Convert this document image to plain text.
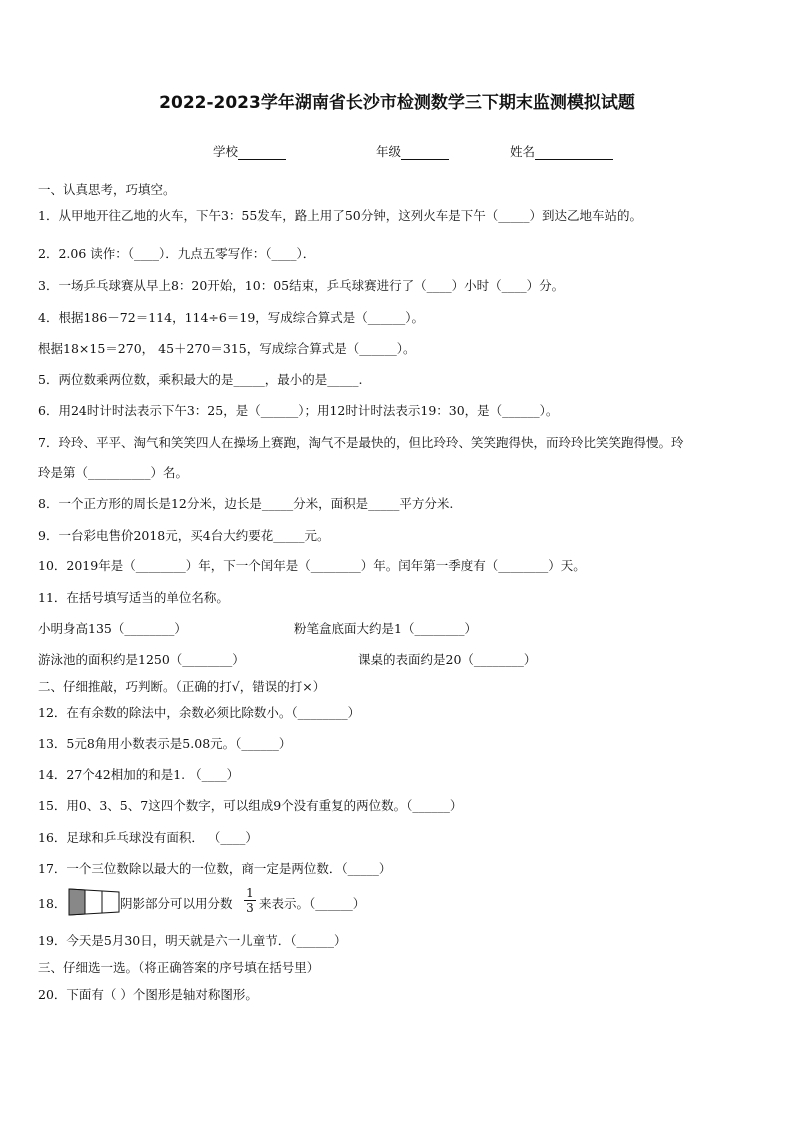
2022-2023学年湖南省长沙市检测数学三下期末监测模拟试题
学校	年级	姓名
一、认真思考，巧填空。
1．从甲地开往乙地的火车，下午3：55发车，路上用了50分钟，这列火车是下午（_____）到达乙地车站的。
2．2.06 读作：（____）．九点五零写作：（____）．
3．一场乒乓球赛从早上8：20开始，10：05结束，乒乓球赛进行了（____）小时（____）分。
4．根据186－72＝114，114÷6＝19，写成综合算式是（______）。
根据18×15＝270， 45＋270＝315，写成综合算式是（______）。
5．两位数乘两位数，乘积最大的是_____，最小的是_____.
6．用24时计时法表示下午3：25，是（______）；用12时计时法表示19：30，是（______）。
7．玲玲、平平、淘气和笑笑四人在操场上赛跑，淘气不是最快的，但比玲玲、笑笑跑得快，而玲玲比笑笑跑得慢。玲
玲是第（__________）名。
8．一个正方形的周长是12分米，边长是_____分米，面积是_____平方分米.
9．一台彩电售价2018元，买4台大约要花_____元。
10．2019年是（________）年，下一个闰年是（________）年。闰年第一季度有（________）天。
11．在括号填写适当的单位名称。
小明身高135（________）	粉笔盒底面大约是1（________）
游泳池的面积约是1250（________）	课桌的表面约是20（________）
二、仔细推敲，巧判断。（正确的打√，错误的打×）
12．在有余数的除法中，余数必须比除数小。（________）
13．5元8角用小数表示是5.08元。（______）
14．27个42相加的和是1. （____）
15．用0、3、5、7这四个数字，可以组成9个没有重复的两位数。（______）
16．足球和乒乓球没有面积． （____）
17．一个三位数除以最大的一位数，商一定是两位数．（_____）
18．	阴影部分可以用分数 $\frac{1}{3}$ 来表示。（______）
19．今天是5月30日，明天就是六一儿童节．（______）
三、仔细选一选。（将正确答案的序号填在括号里）
20．下面有（ ）个图形是轴对称图形。
